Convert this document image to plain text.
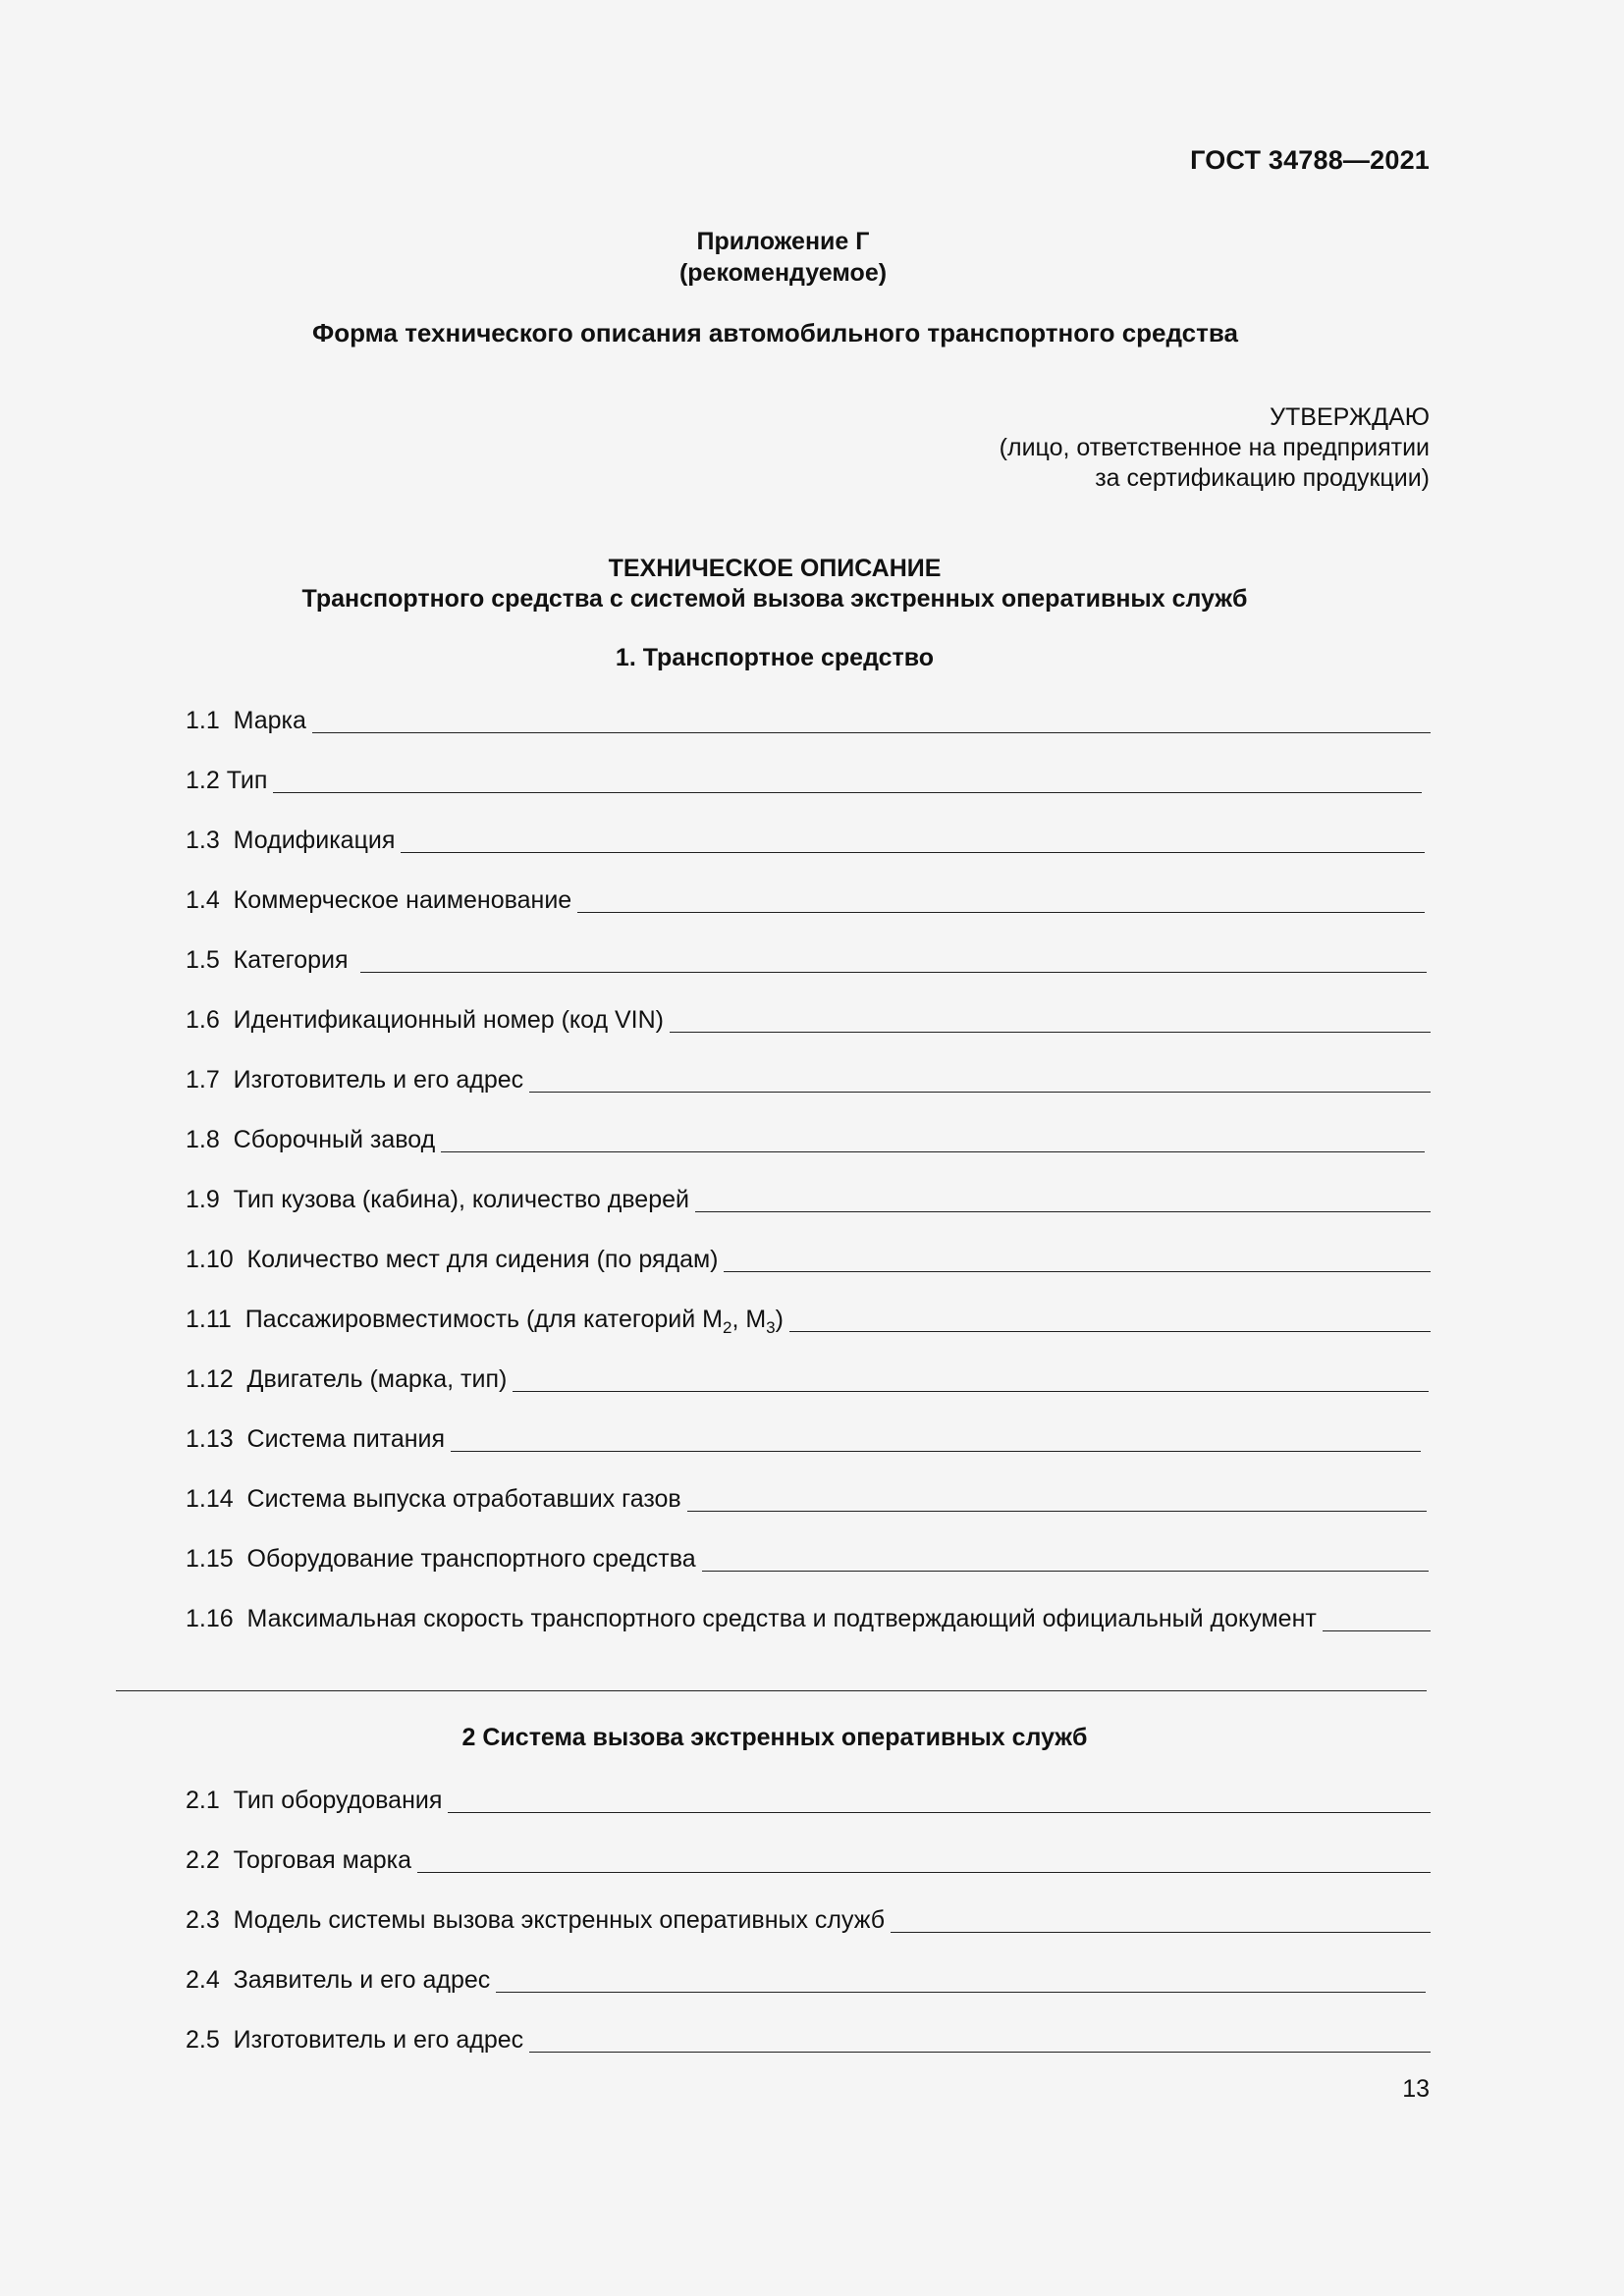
ГОСТ 34788—2021
Приложение Г
(рекомендуемое)
Форма технического описания автомобильного транспортного средства
УТВЕРЖДАЮ
(лицо, ответственное на предприятии
за сертификацию продукции)
ТЕХНИЧЕСКОЕ ОПИСАНИЕ
Транспортного средства с системой вызова экстренных оперативных служб
1. Транспортное средство
1.1  Марка
1.2 Тип
1.3  Модификация
1.4  Коммерческое наименование
1.5  Категория
1.6  Идентификационный номер (код VIN)
1.7  Изготовитель и его адрес
1.8  Сборочный завод
1.9  Тип кузова (кабина), количество дверей
1.10  Количество мест для сидения (по рядам)
1.11  Пассажировместимость (для категорий $M_2$, $M_3$)
1.12  Двигатель (марка, тип)
1.13  Система питания
1.14  Система выпуска отработавших газов
1.15  Оборудование транспортного средства
1.16  Максимальная скорость транспортного средства и подтверждающий официальный документ
2 Система вызова экстренных оперативных служб
2.1  Тип оборудования
2.2  Торговая марка
2.3  Модель системы вызова экстренных оперативных служб
2.4  Заявитель и его адрес
2.5  Изготовитель и его адрес
13
